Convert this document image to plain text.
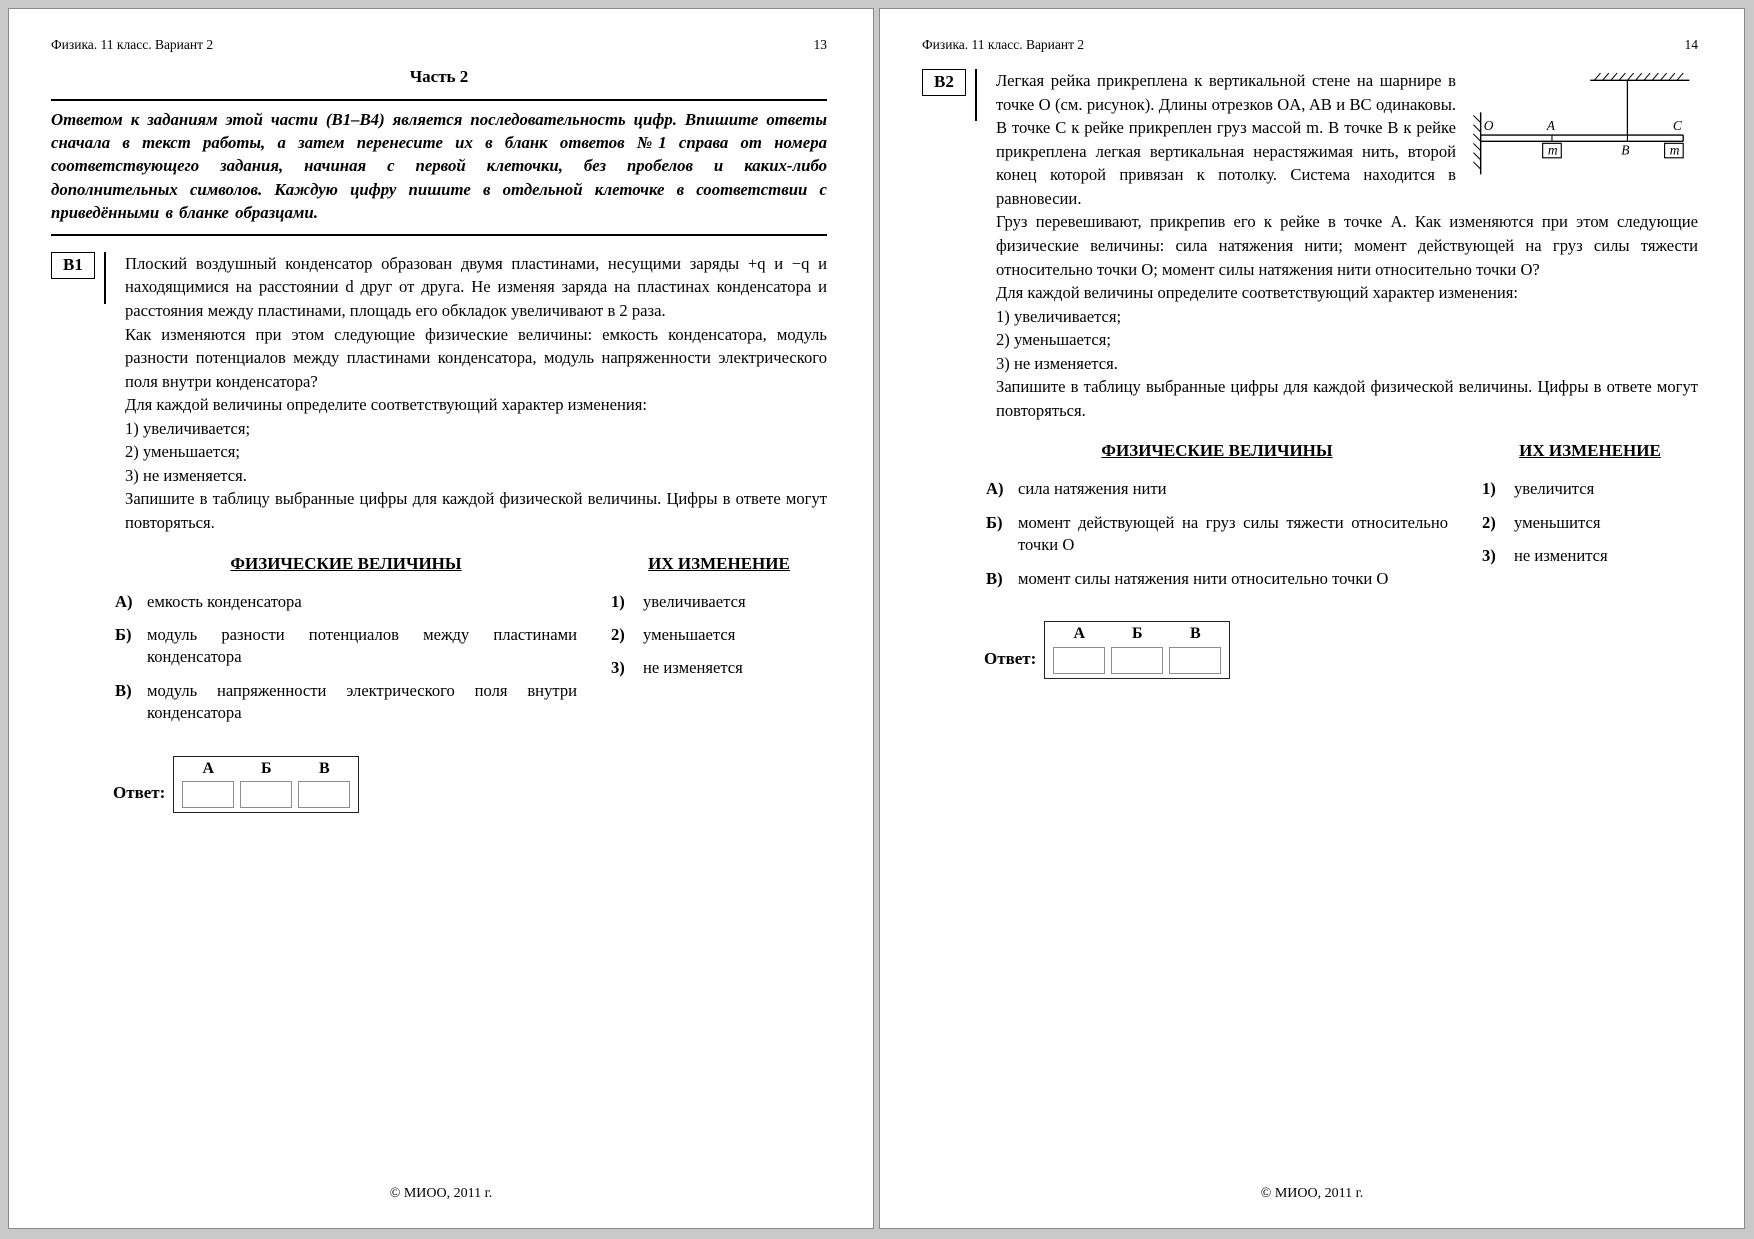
Физика. 11 класс. Вариант 2	13
Часть 2
Ответом к заданиям этой части (В1–В4) является последовательность цифр. Впишите ответы сначала в текст работы, а затем перенесите их в бланк ответов №1 справа от номера соответствующего задания, начиная с первой клеточки, без пробелов и каких-либо дополнительных символов. Каждую цифру пишите в отдельной клеточке в соответствии с приведёнными в бланке образцами.
В1	Плоский воздушный конденсатор образован двумя пластинами, несущими заряды +q и −q и находящимися на расстоянии d друг от друга. Не изменяя заряда на пластинах конденсатора и расстояния между пластинами, площадь его обкладок увеличивают в 2 раза.

Как изменяются при этом следующие физические величины: емкость конденсатора, модуль разности потенциалов между пластинами конденсатора, модуль напряженности электрического поля внутри конденсатора?

Для каждой величины определите соответствующий характер изменения:

1) увеличивается;
2) уменьшается;
3) не изменяется.

Запишите в таблицу выбранные цифры для каждой физической величины. Цифры в ответе могут повторяться.

ФИЗИЧЕСКИЕ ВЕЛИЧИНЫ
А) емкость конденсатора
Б) модуль разности потенциалов между пластинами конденсатора
В) модуль напряженности электрического поля внутри конденсатора
ИХ ИЗМЕНЕНИЕ
1)	увеличивается
2)	уменьшается
3)	не изменяется
Ответ:
А	Б	В
© МИОО, 2011 г.
Физика. 11 класс. Вариант 2	14
В2
O	A
B
C
m	m

Легкая рейка прикреплена к вертикальной стене на шарнире в точке O (см. рисунок). Длины отрезков OA, AB и BC одинаковы. В точке C к рейке прикреплен груз массой m. В точке B к рейке прикреплена легкая вертикальная нерастяжимая нить, второй конец которой привязан к потолку. Система находится в равновесии.

Груз перевешивают, прикрепив его к рейке в точке A. Как изменяются при этом следующие физические величины: сила натяжения нити; момент действующей на груз силы тяжести относительно точки O; момент силы натяжения нити относительно точки O?

Для каждой величины определите соответствующий характер изменения:

1) увеличивается;
2) уменьшается;
3) не изменяется.

Запишите в таблицу выбранные цифры для каждой физической величины. Цифры в ответе могут повторяться.

ФИЗИЧЕСКИЕ ВЕЛИЧИНЫ
А) сила натяжения нити
Б) момент действующей на груз силы тяжести относительно точки O
В) момент силы натяжения нити относительно точки O
ИХ ИЗМЕНЕНИЕ
1)	увеличится
2)	уменьшится
3)	не изменится
Ответ:
А	Б	В
© МИОО, 2011 г.
